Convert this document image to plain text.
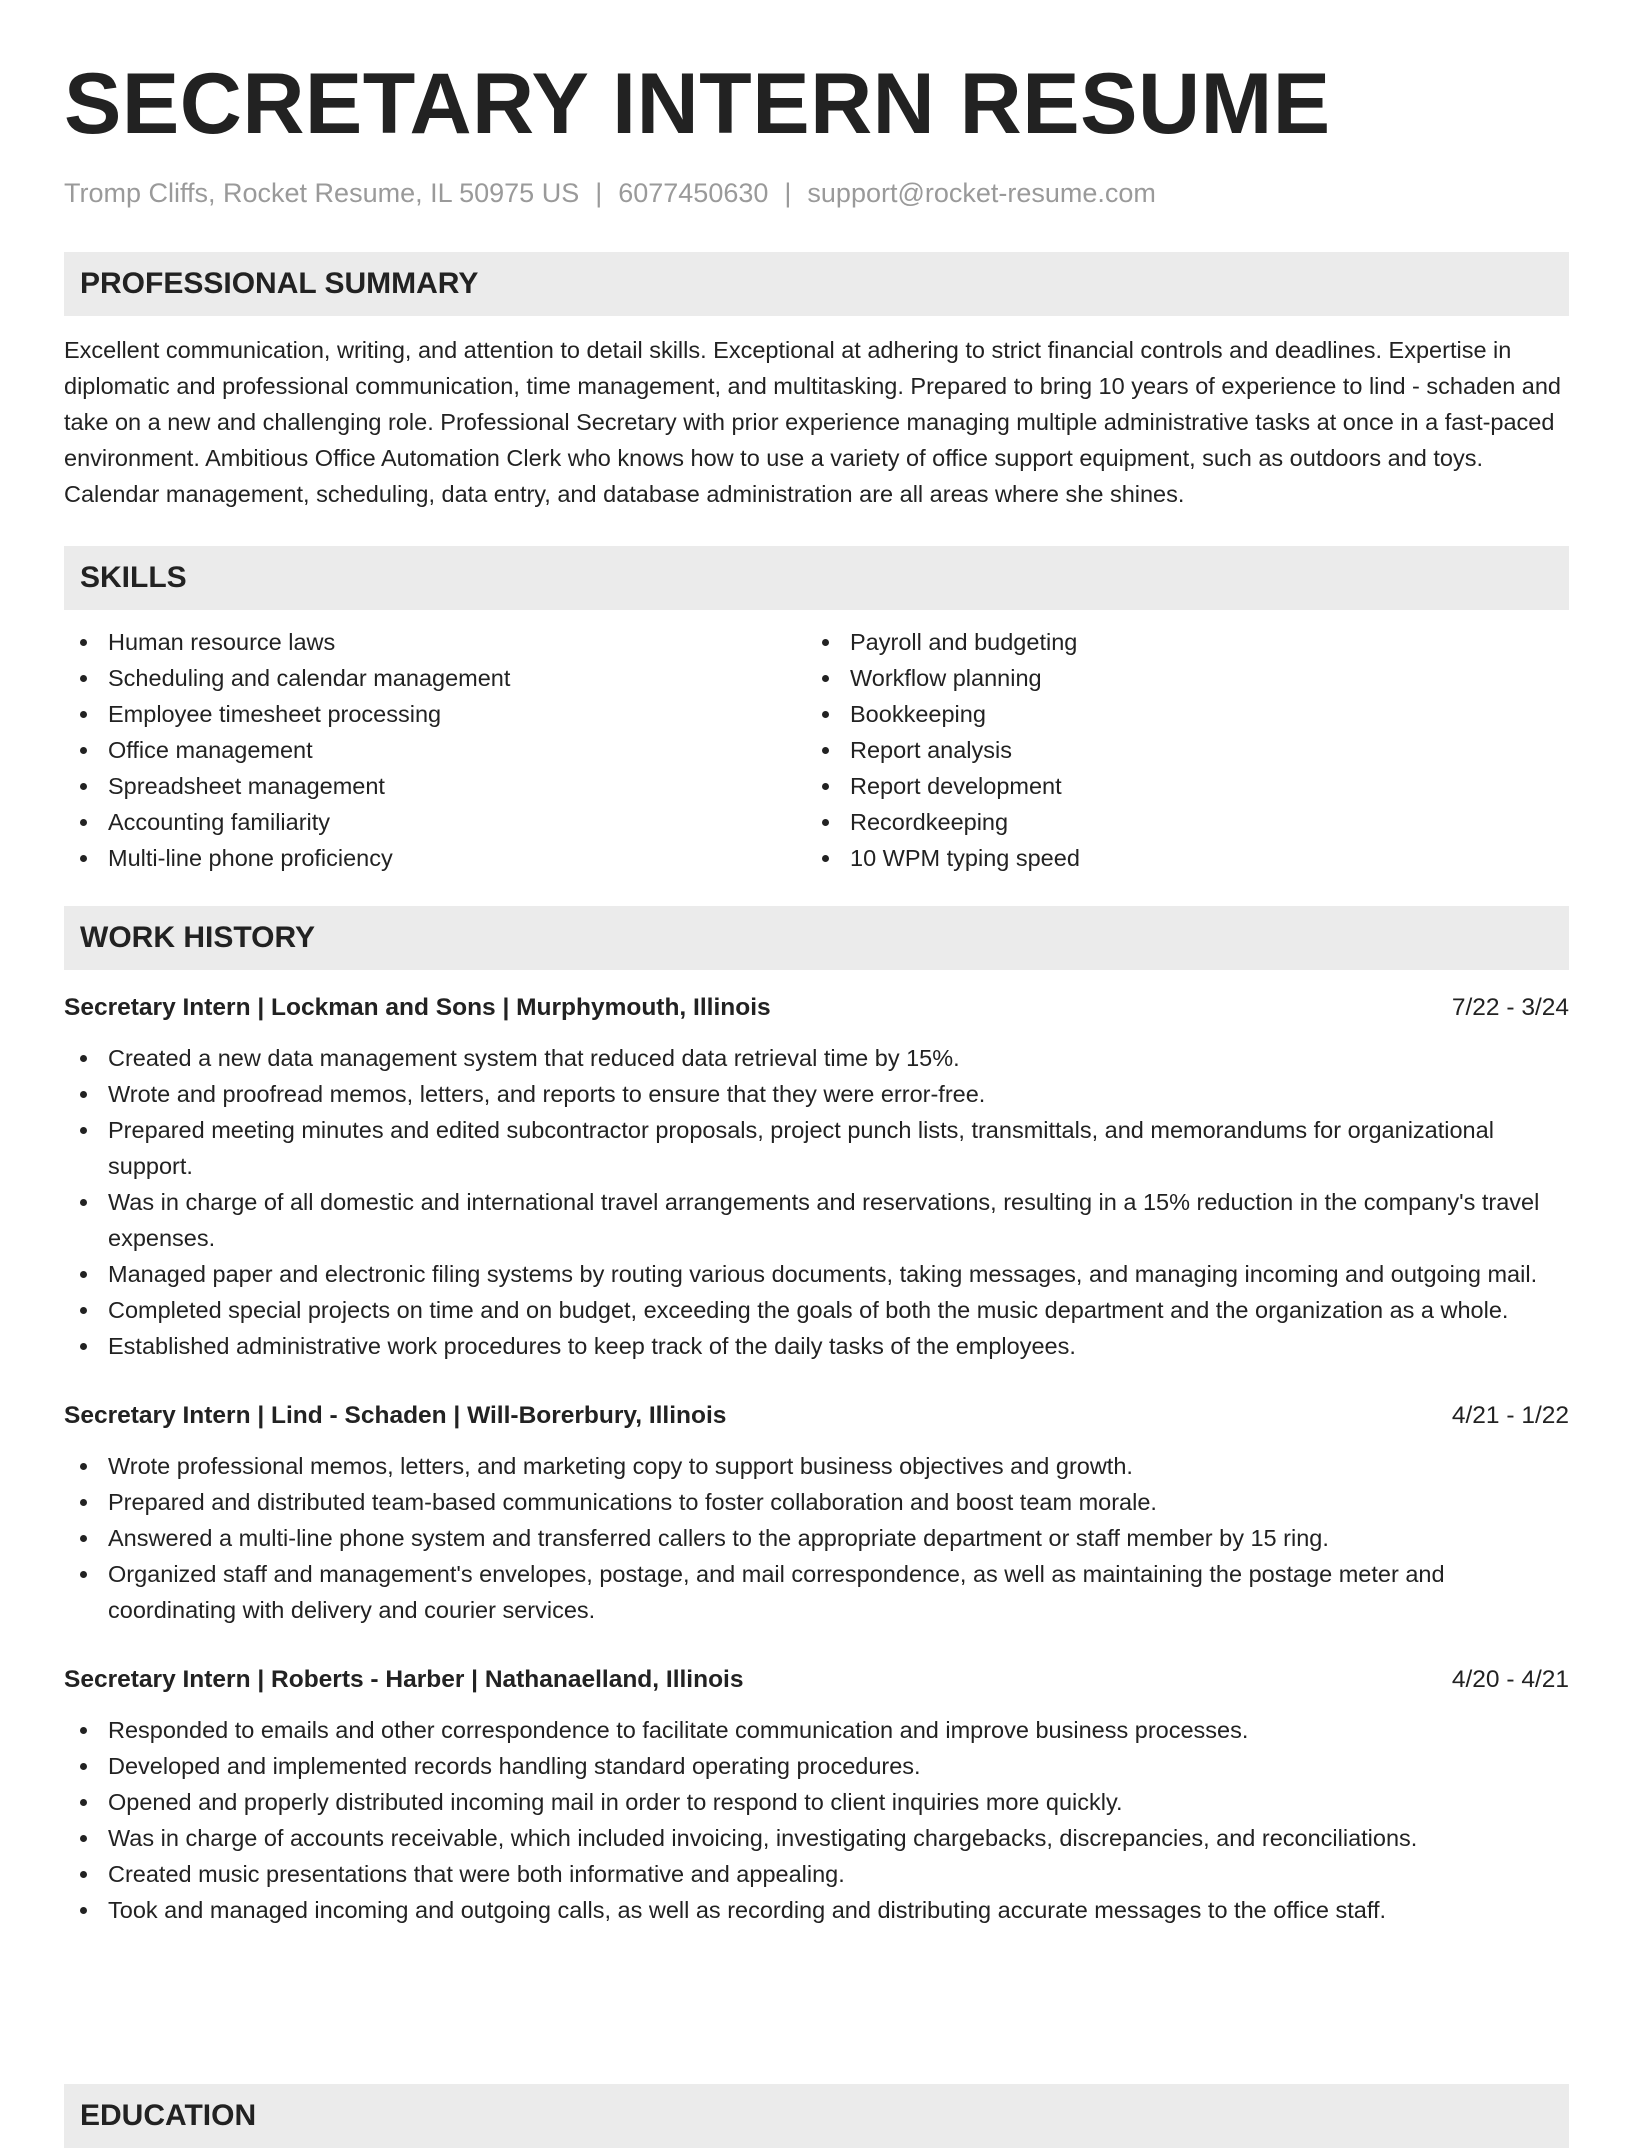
SECRETARY INTERN RESUME
Tromp Cliffs, Rocket Resume, IL 50975 US | 6077450630 | support@rocket-resume.com
PROFESSIONAL SUMMARY

Excellent communication, writing, and attention to detail skills. Exceptional at adhering to strict financial controls and deadlines. Expertise in diplomatic and professional communication, time management, and multitasking. Prepared to bring 10 years of experience to lind - schaden and take on a new and challenging role. Professional Secretary with prior experience managing multiple administrative tasks at once in a fast-paced environment. Ambitious Office Automation Clerk who knows how to use a variety of office support equipment, such as outdoors and toys. Calendar management, scheduling, data entry, and database administration are all areas where she shines.

SKILLS
Human resource laws
Scheduling and calendar management
Employee timesheet processing
Office management
Spreadsheet management
Accounting familiarity
Multi-line phone proficiency
Payroll and budgeting
Workflow planning
Bookkeeping
Report analysis
Report development
Recordkeeping
10 WPM typing speed
WORK HISTORY
Secretary Intern | Lockman and Sons | Murphymouth, Illinois	7/22 - 3/24
Created a new data management system that reduced data retrieval time by 15%.
Wrote and proofread memos, letters, and reports to ensure that they were error-free.
Prepared meeting minutes and edited subcontractor proposals, project punch lists, transmittals, and memorandums for organizational support.
Was in charge of all domestic and international travel arrangements and reservations, resulting in a 15% reduction in the company's travel expenses.
Managed paper and electronic filing systems by routing various documents, taking messages, and managing incoming and outgoing mail.
Completed special projects on time and on budget, exceeding the goals of both the music department and the organization as a whole.
Established administrative work procedures to keep track of the daily tasks of the employees.
Secretary Intern | Lind - Schaden | Will-Borerbury, Illinois	4/21 - 1/22
Wrote professional memos, letters, and marketing copy to support business objectives and growth.
Prepared and distributed team-based communications to foster collaboration and boost team morale.
Answered a multi-line phone system and transferred callers to the appropriate department or staff member by 15 ring.
Organized staff and management's envelopes, postage, and mail correspondence, as well as maintaining the postage meter and coordinating with delivery and courier services.
Secretary Intern | Roberts - Harber | Nathanaelland, Illinois	4/20 - 4/21
Responded to emails and other correspondence to facilitate communication and improve business processes.
Developed and implemented records handling standard operating procedures.
Opened and properly distributed incoming mail in order to respond to client inquiries more quickly.
Was in charge of accounts receivable, which included invoicing, investigating chargebacks, discrepancies, and reconciliations.
Created music presentations that were both informative and appealing.
Took and managed incoming and outgoing calls, as well as recording and distributing accurate messages to the office staff.
EDUCATION
